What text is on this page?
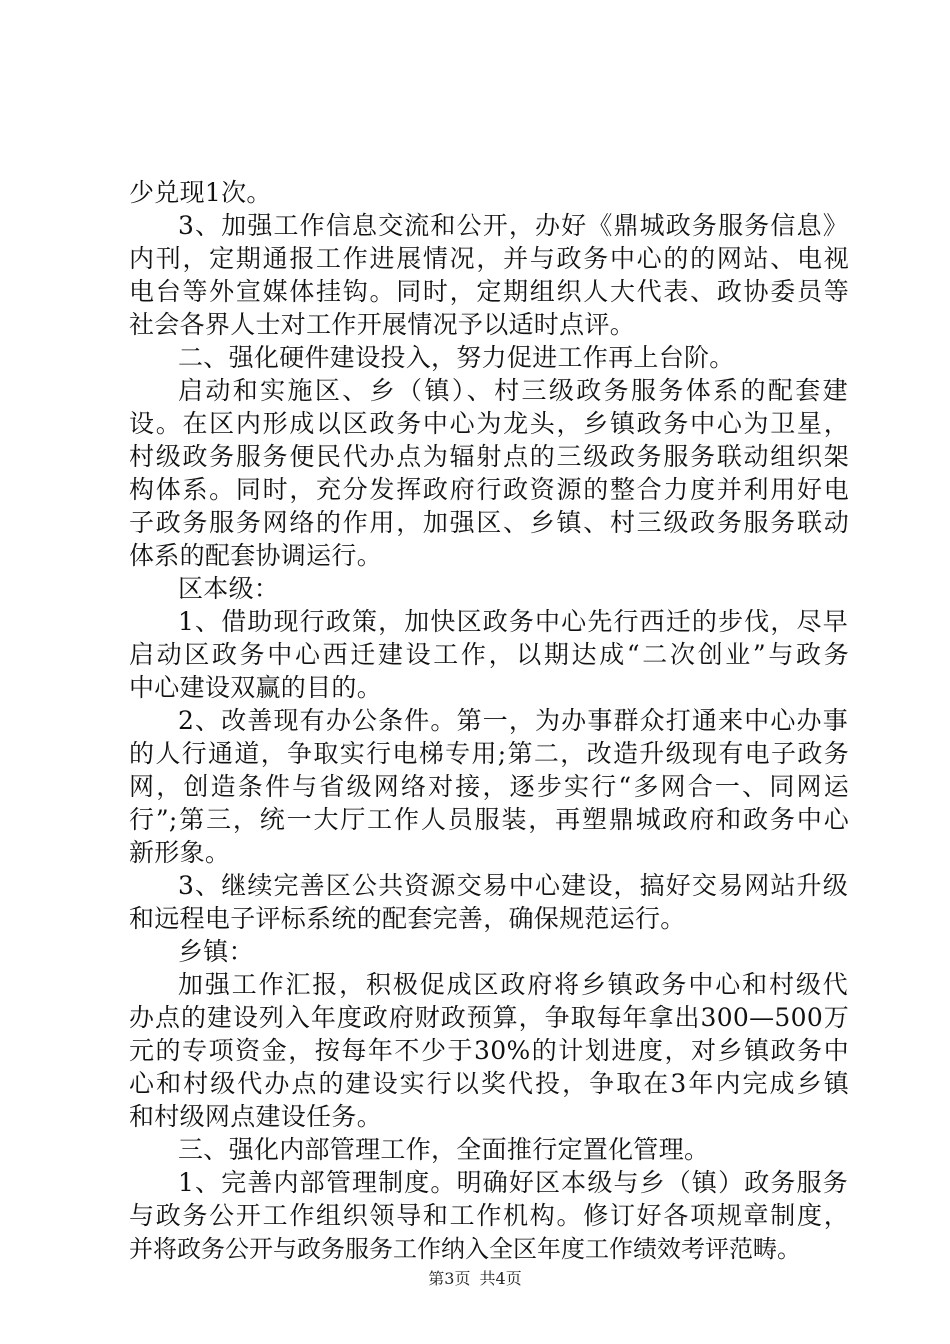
少兑现1次。
3、加强工作信息交流和公开，办好《鼎城政务服务信息》
内刊，定期通报工作进展情况，并与政务中心的的网站、电视
电台等外宣媒体挂钩。同时，定期组织人大代表、政协委员等
社会各界人士对工作开展情况予以适时点评。
二、强化硬件建设投入，努力促进工作再上台阶。
启动和实施区、乡（镇）、村三级政务服务体系的配套建
设。在区内形成以区政务中心为龙头，乡镇政务中心为卫星，
村级政务服务便民代办点为辐射点的三级政务服务联动组织架
构体系。同时，充分发挥政府行政资源的整合力度并利用好电
子政务服务网络的作用，加强区、乡镇、村三级政务服务联动
体系的配套协调运行。
区本级：
1、借助现行政策，加快区政务中心先行西迁的步伐，尽早
启动区政务中心西迁建设工作，以期达成“二次创业”与政务
中心建设双赢的目的。
2、改善现有办公条件。第一，为办事群众打通来中心办事
的人行通道，争取实行电梯专用;第二，改造升级现有电子政务
网，创造条件与省级网络对接，逐步实行“多网合一、同网运
行”;第三，统一大厅工作人员服装，再塑鼎城政府和政务中心
新形象。
3、继续完善区公共资源交易中心建设，搞好交易网站升级
和远程电子评标系统的配套完善，确保规范运行。
乡镇：
加强工作汇报，积极促成区政府将乡镇政务中心和村级代
办点的建设列入年度政府财政预算，争取每年拿出300—500万
元的专项资金，按每年不少于30%的计划进度，对乡镇政务中
心和村级代办点的建设实行以奖代投，争取在3年内完成乡镇
和村级网点建设任务。
三、强化内部管理工作，全面推行定置化管理。
1、完善内部管理制度。明确好区本级与乡（镇）政务服务
与政务公开工作组织领导和工作机构。修订好各项规章制度，
并将政务公开与政务服务工作纳入全区年度工作绩效考评范畴。
第3页 共4页
